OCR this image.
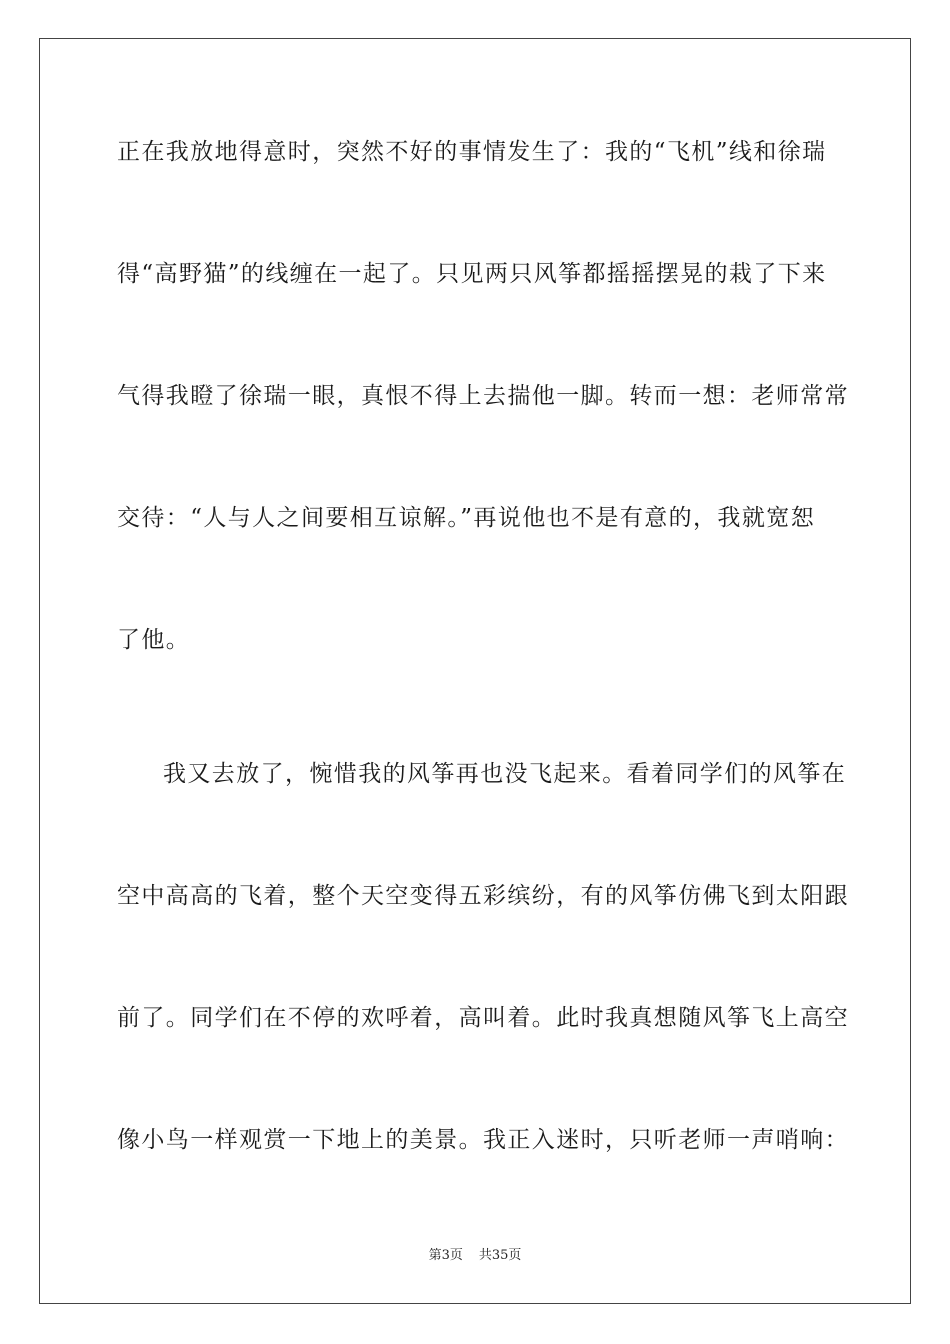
正在我放地得意时，突然不好的事情发生了：我的“飞机”线和徐瑞
得“高野猫”的线缠在一起了。只见两只风筝都摇摇摆晃的栽了下来
气得我瞪了徐瑞一眼，真恨不得上去揣他一脚。转而一想：老师常常
交待：“人与人之间要相互谅解。”再说他也不是有意的，我就宽恕
了他。
我又去放了，惋惜我的风筝再也没飞起来。看着同学们的风筝在
空中高高的飞着，整个天空变得五彩缤纷，有的风筝仿佛飞到太阳跟
前了。同学们在不停的欢呼着，高叫着。此时我真想随风筝飞上高空
像小鸟一样观赏一下地上的美景。我正入迷时，只听老师一声哨响：
第3页 共35页
